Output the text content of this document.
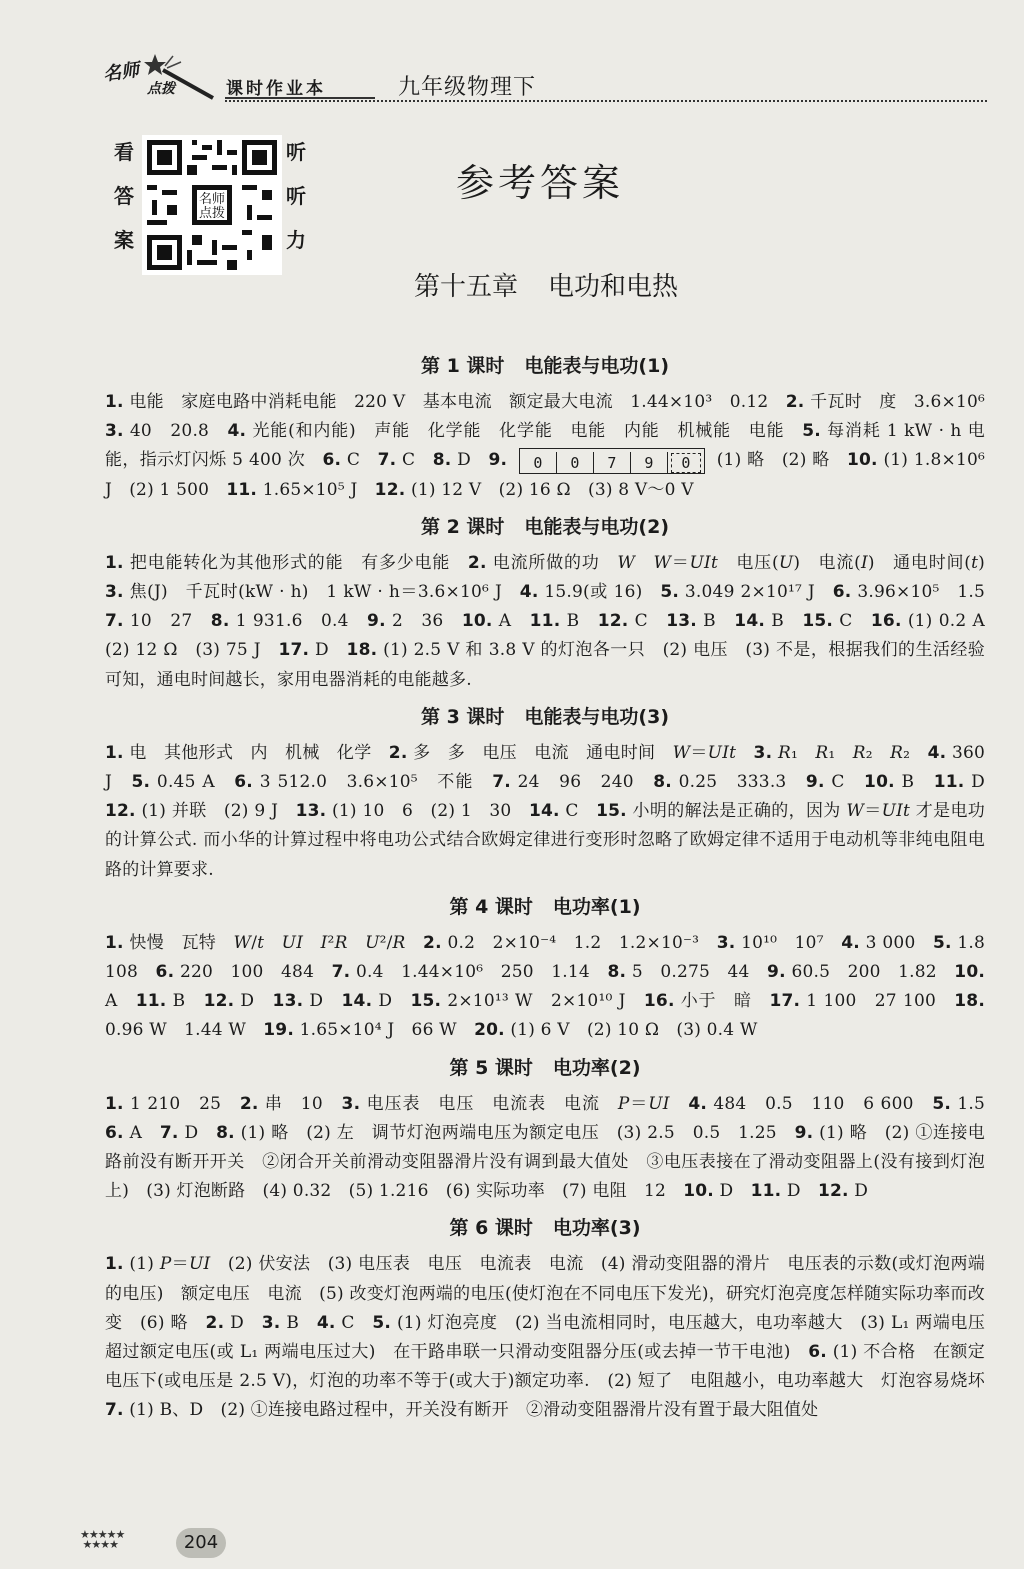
名师
点拨	课时作业本	九年级物理下
看
答
案
名师
点拨
听
听
力
参考答案
第十五章 电功和电热
第 1 课时 电能表与电功(1)

1. 电能　家庭电路中消耗电能　220 V　基本电流　额定最大电流　1.44×10³　0.12　2. 千瓦时　度　3.6×10⁶　3. 40　20.8　4. 光能(和内能)　声能　化学能　化学能　电能　内能　机械能　电能　5. 每消耗 1 kW · h 电能，指示灯闪烁 5 400 次　6. C　7. C　8. D　9. 0 0 7 9 0 (1) 略　(2) 略　10. (1) 1.8×10⁶ J　(2) 1 500　11. 1.65×10⁵ J　12. (1) 12 V　(2) 16 Ω　(3) 8 V～0 V

第 2 课时 电能表与电功(2)

1. 把电能转化为其他形式的能　有多少电能　2. 电流所做的功　W　 W＝UIt　电压(U)　电流(I)　通电时间(t)　3. 焦(J)　千瓦时(kW · h)　1 kW · h＝3.6×10⁶ J　4. 15.9(或 16)　5. 3.049 2×10¹⁷ J　6. 3.96×10⁵　1.5　7. 10　27　8. 1 931.6　0.4　9. 2　36　10. A　11. B　12. C　13. B　14. B　15. C　16. (1) 0.2 A　(2) 12 Ω　(3) 75 J　17. D　18. (1) 2.5 V 和 3.8 V 的灯泡各一只　(2) 电压　(3) 不是，根据我们的生活经验可知，通电时间越长，家用电器消耗的电能越多.

第 3 课时 电能表与电功(3)

1. 电　其他形式　内　机械　化学　2. 多　多　电压　电流　通电时间　W＝UIt　 3. R₁　R₁　R₂　R₂　4. 360 J　5. 0.45 A　6. 3 512.0　3.6×10⁵　不能　7. 24　96　240　8. 0.25　333.3　9. C　10. B　11. D　12. (1) 并联　(2) 9 J　13. (1) 10　6　(2) 1　30　14. C　15. 小明的解法是正确的，因为 W＝UIt 才是电功的计算公式. 而小华的计算过程中将电功公式结合欧姆定律进行变形时忽略了欧姆定律不适用于电动机等非纯电阻电路的计算要求.

第 4 课时 电功率(1)

1. 快慢　瓦特　W/t　 UI　 I²R　 U²/R　 2. 0.2　2×10⁻⁴　1.2　1.2×10⁻³　3. 10¹⁰　10⁷　4. 3 000　5. 1.8　108　6. 220　100　484　7. 0.4　1.44×10⁶　250　1.14　8. 5　0.275　44　9. 60.5　200　1.82　10. A　11. B　12. D　13. D　14. D　15. 2×10¹³ W　2×10¹⁰ J　16. 小于　暗　17. 1 100　27 100　18. 0.96 W　1.44 W　19. 1.65×10⁴ J　66 W　20. (1) 6 V　(2) 10 Ω　(3) 0.4 W

第 5 课时 电功率(2)

1. 1 210　25　2. 串　10　3. 电压表　电压　电流表　电流　P＝UI　 4. 484　0.5　110　6 600　5. 1.5　6. A　7. D　8. (1) 略　(2) 左　调节灯泡两端电压为额定电压　(3) 2.5　0.5　1.25　9. (1) 略　(2) ①连接电路前没有断开开关　②闭合开关前滑动变阻器滑片没有调到最大值处　③电压表接在了滑动变阻器上(没有接到灯泡上)　(3) 灯泡断路　(4) 0.32　(5) 1.216　(6) 实际功率　(7) 电阻　12　10. D　11. D　12. D

第 6 课时 电功率(3)

1. (1) P＝UI　(2) 伏安法　(3) 电压表　电压　电流表　电流　(4) 滑动变阻器的滑片　电压表的示数(或灯泡两端的电压)　额定电压　电流　(5) 改变灯泡两端的电压(使灯泡在不同电压下发光)，研究灯泡亮度怎样随实际功率而改变　(6) 略　2. D　3. B　4. C　5. (1) 灯泡亮度　(2) 当电流相同时，电压越大，电功率越大　(3) L₁ 两端电压超过额定电压(或 L₁ 两端电压过大)　在干路串联一只滑动变阻器分压(或去掉一节干电池)　6. (1) 不合格　在额定电压下(或电压是 2.5 V)，灯泡的功率不等于(或大于)额定功率.　(2) 短了　电阻越小，电功率越大　灯泡容易烧坏　7. (1) B、D　(2) ①连接电路过程中，开关没有断开　②滑动变阻器滑片没有置于最大阻值处

★★★★★
★★★★	204
